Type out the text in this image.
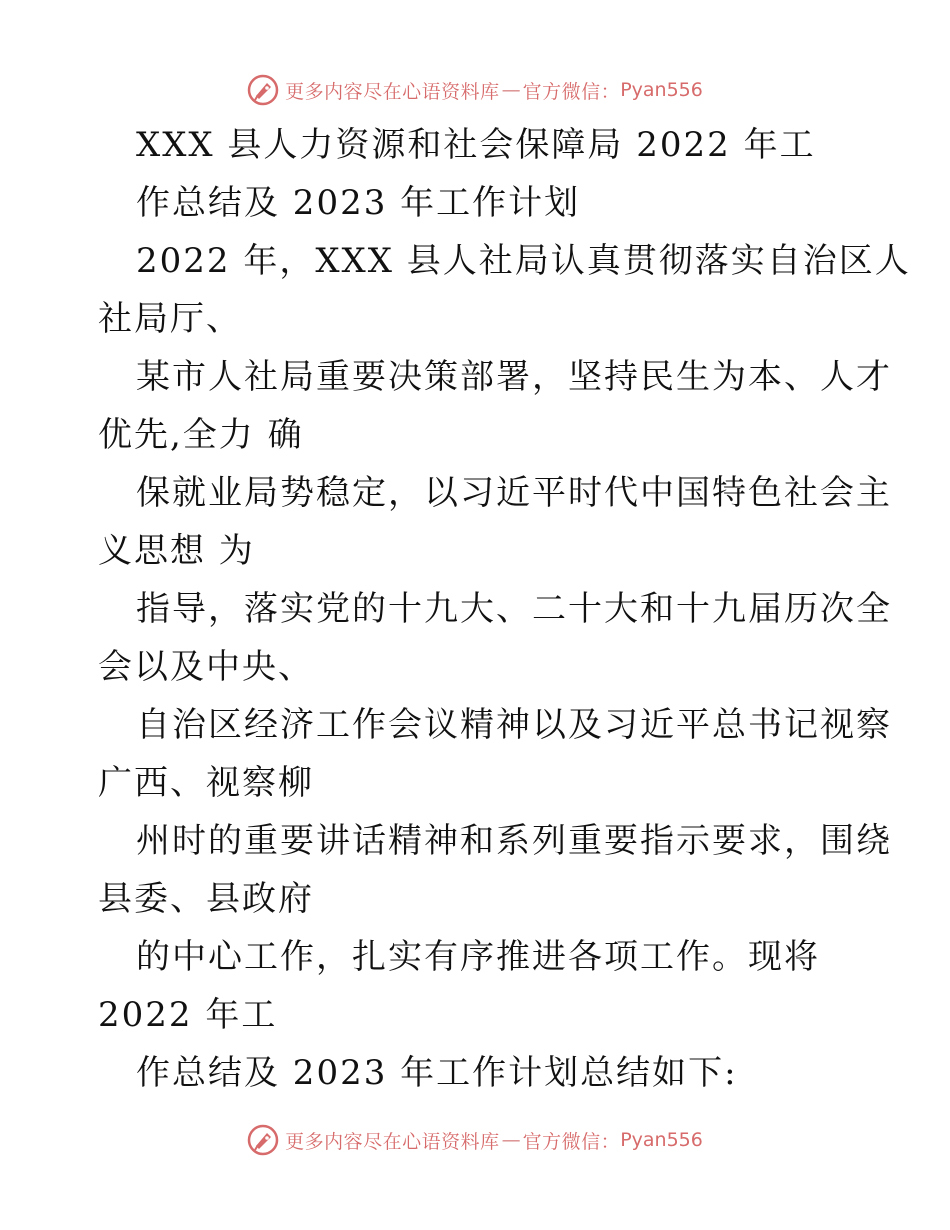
更多内容尽在心语资料库 — 官方微信： Pyan556
XXX 县人力资源和社会保障局 2022 年工
作总结及 2023 年工作计划
2022 年，XXX 县人社局认真贯彻落实自治区人
社局厅、
某市人社局重要决策部署，坚持民生为本、人才
优先,全力 确
保就业局势稳定，以习近平时代中国特色社会主
义思想 为
指导，落实党的十九大、二十大和十九届历次全
会以及中央、
自治区经济工作会议精神以及习近平总书记视察
广西、视察柳
州时的重要讲话精神和系列重要指示要求，围绕
县委、县政府
的中心工作，扎实有序推进各项工作。现将
2022 年工
作总结及 2023 年工作计划总结如下:
更多内容尽在心语资料库 — 官方微信： Pyan556
